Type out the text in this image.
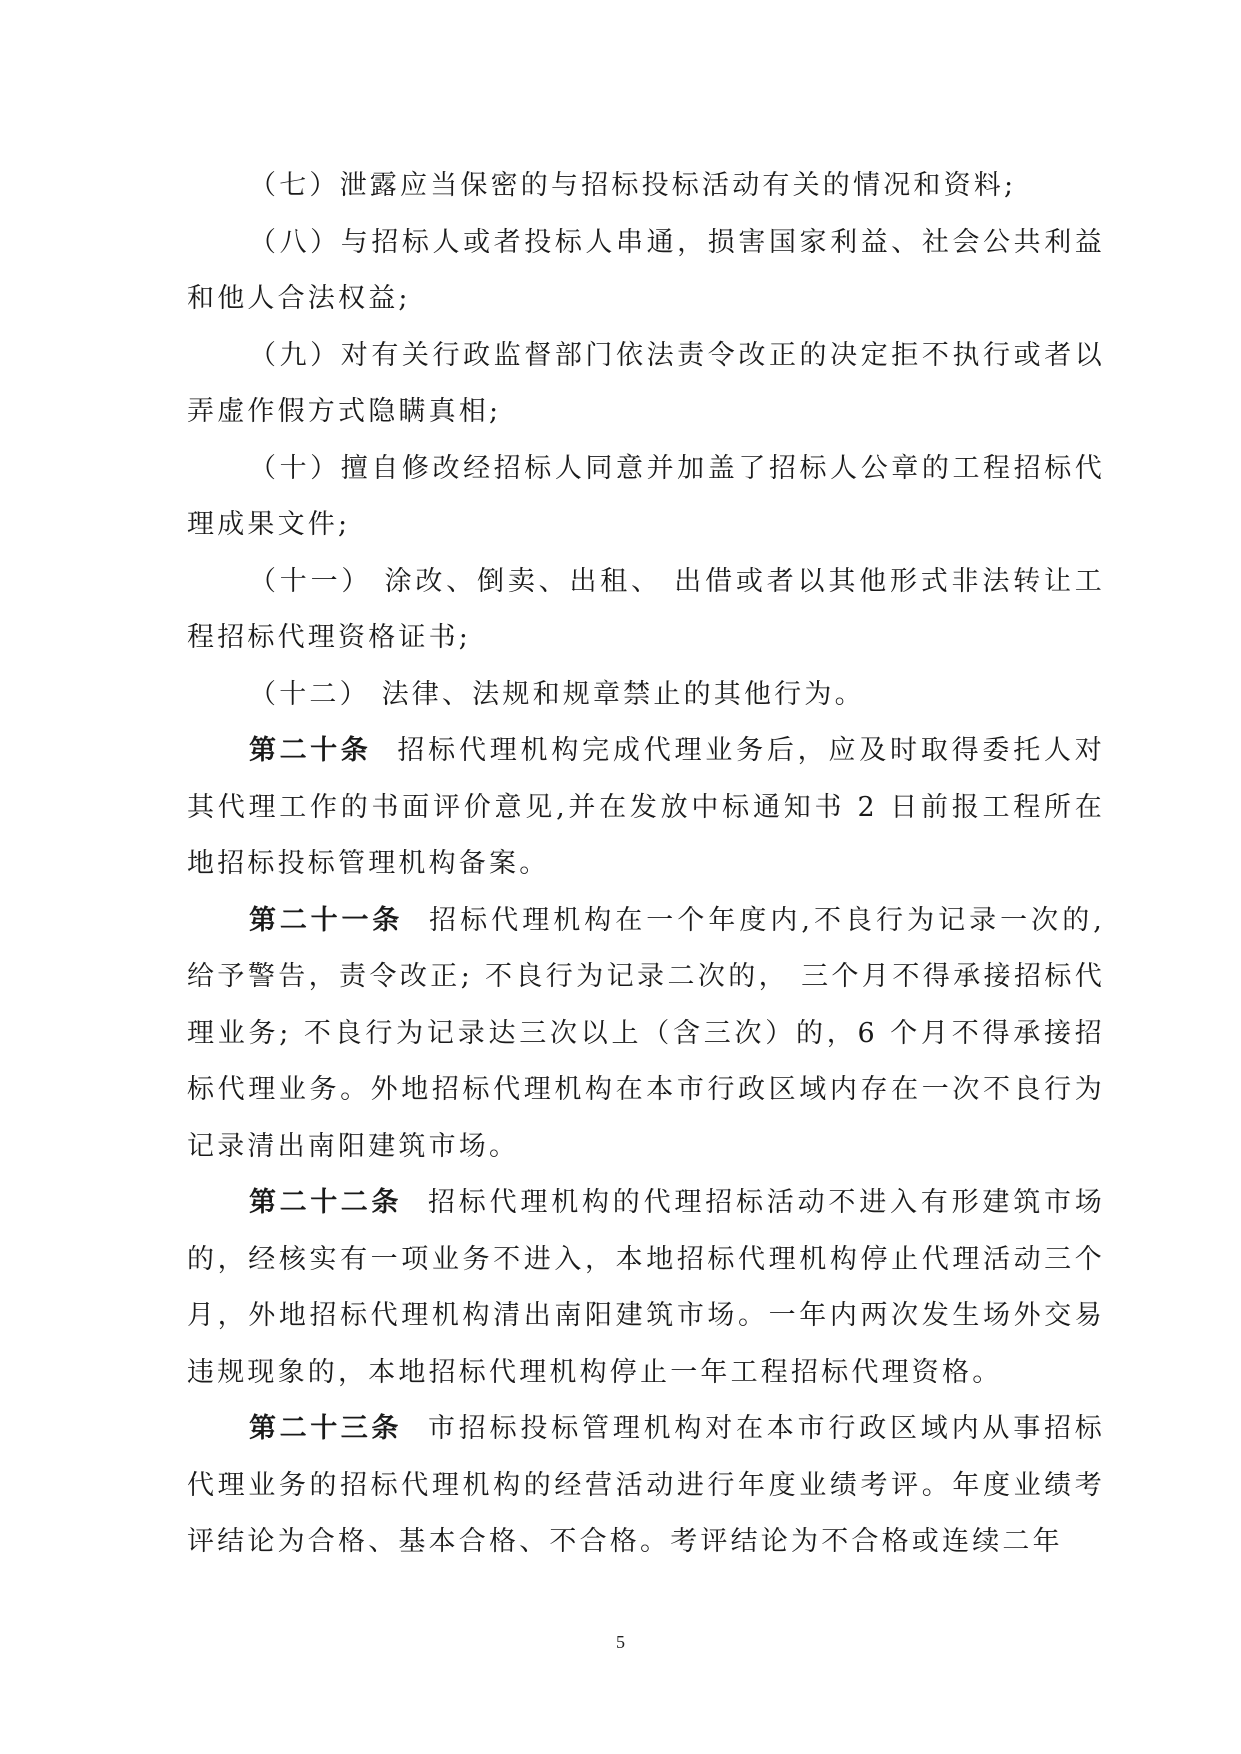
（七）泄露应当保密的与招标投标活动有关的情况和资料;

（八）与招标人或者投标人串通，损害国家利益、社会公共利益和他人合法权益;

（九）对有关行政监督部门依法责令改正的决定拒不执行或者以弄虚作假方式隐瞒真相;

（十）擅自修改经招标人同意并加盖了招标人公章的工程招标代理成果文件;

（十一） 涂改、倒卖、出租、 出借或者以其他形式非法转让工程招标代理资格证书;

（十二） 法律、法规和规章禁止的其他行为。

第二十条 招标代理机构完成代理业务后，应及时取得委托人对其代理工作的书面评价意见,并在发放中标通知书 2 日前报工程所在地招标投标管理机构备案。

第二十一条 招标代理机构在一个年度内,不良行为记录一次的,给予警告，责令改正; 不良行为记录二次的， 三个月不得承接招标代理业务; 不良行为记录达三次以上（含三次）的，6 个月不得承接招标代理业务。外地招标代理机构在本市行政区域内存在一次不良行为记录清出南阳建筑市场。

第二十二条 招标代理机构的代理招标活动不进入有形建筑市场的，经核实有一项业务不进入，本地招标代理机构停止代理活动三个月，外地招标代理机构清出南阳建筑市场。一年内两次发生场外交易违规现象的，本地招标代理机构停止一年工程招标代理资格。

第二十三条 市招标投标管理机构对在本市行政区域内从事招标代理业务的招标代理机构的经营活动进行年度业绩考评。年度业绩考评结论为合格、基本合格、不合格。考评结论为不合格或连续二年

5
